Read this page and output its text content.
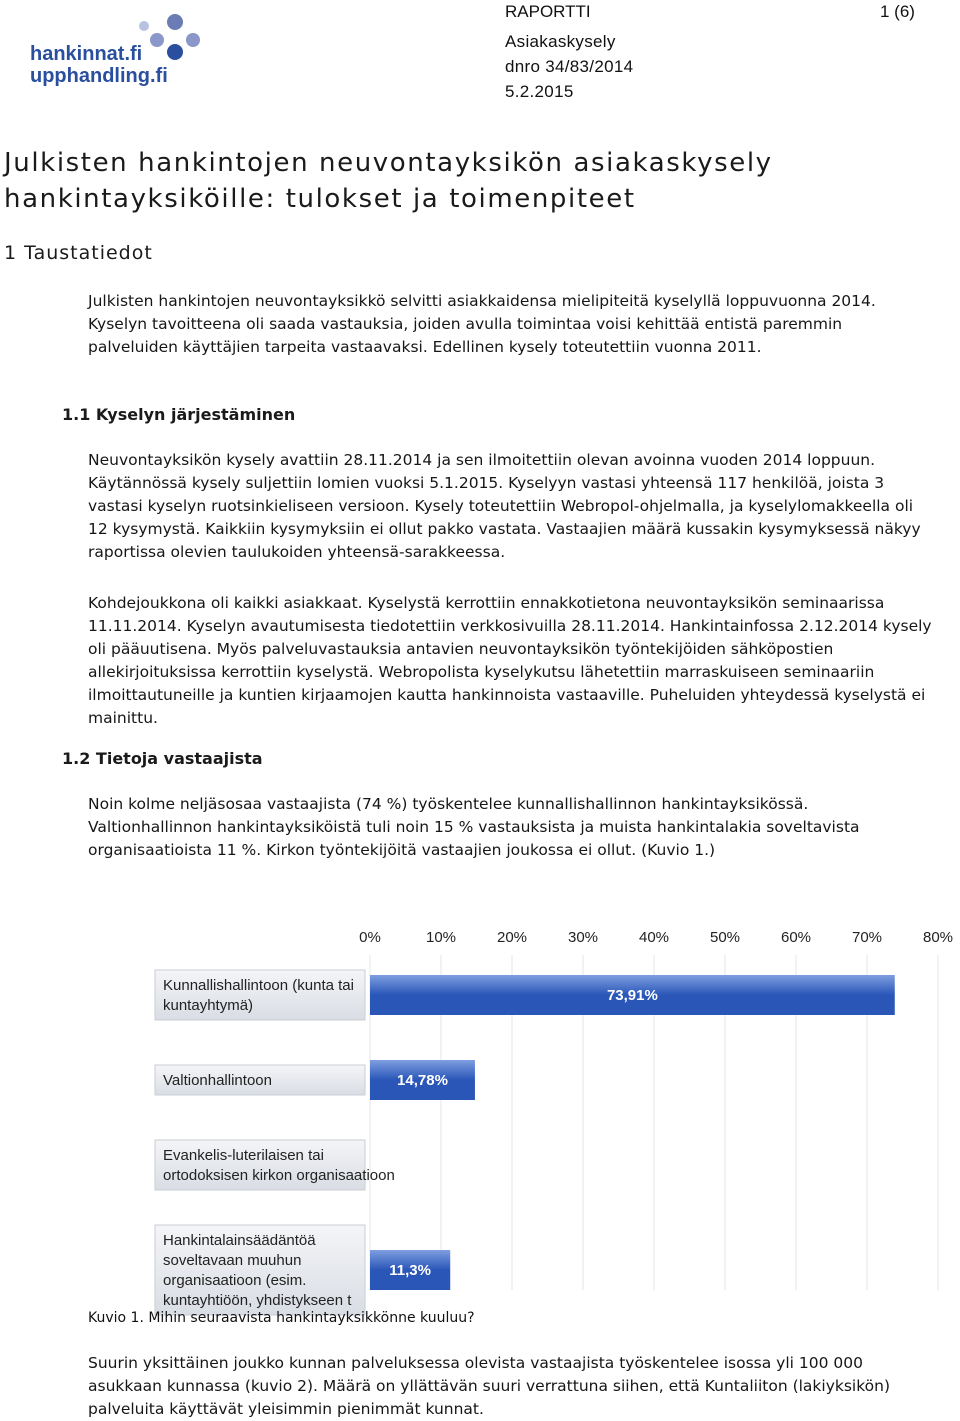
hankinnat.fi
upphandling.fi
RAPORTTI	1 (6)
Asiakaskysely
dnro 34/83/2014
5.2.2015
Julkisten hankintojen neuvontayksikön asiakaskysely
hankintayksiköille: tulokset ja toimenpiteet
1 Taustatiedot

Julkisten hankintojen neuvontayksikkö selvitti asiakkaidensa mielipiteitä kyselyllä loppuvuonna 2014. Kyselyn tavoitteena oli saada vastauksia, joiden avulla toimintaa voisi kehittää entistä paremmin palveluiden käyttäjien tarpeita vastaavaksi. Edellinen kysely toteutettiin vuonna 2011.

1.1 Kyselyn järjestäminen

Neuvontayksikön kysely avattiin 28.11.2014 ja sen ilmoitettiin olevan avoinna vuoden 2014 loppuun. Käytännössä kysely suljettiin lomien vuoksi 5.1.2015. Kyselyyn vastasi yhteensä 117 henkilöä, joista 3 vastasi kyselyn ruotsinkieliseen versioon. Kysely toteutettiin Webropol-ohjelmalla, ja kyselylomakkeella oli 12 kysymystä. Kaikkiin kysymyksiin ei ollut pakko vastata. Vastaajien määrä kussakin kysymyksessä näkyy raportissa olevien taulukoiden yhteensä-sarakkeessa.

Kohdejoukkona oli kaikki asiakkaat. Kyselystä kerrottiin ennakkotietona neuvontayksikön seminaarissa 11.11.2014. Kyselyn avautumisesta tiedotettiin verkkosivuilla 28.11.2014. Hankintainfossa 2.12.2014 kysely oli pääuutisena. Myös palveluvastauksia antavien neuvontayksikön työntekijöiden sähköpostien allekirjoituksissa kerrottiin kyselystä. Webropolista kyselykutsu lähetettiin marraskuiseen seminaariin ilmoittautuneille ja kuntien kirjaamojen kautta hankinnoista vastaaville. Puheluiden yhteydessä kyselystä ei mainittu.

1.2 Tietoja vastaajista

Noin kolme neljäsosaa vastaajista (74 %) työskentelee kunnallishallinnon hankintayksikössä. Valtionhallinnon hankintayksiköistä tuli noin 15 % vastauksista ja muista hankintalakia soveltavista organisaatioista 11 %. Kirkon työntekijöitä vastaajien joukossa ei ollut. (Kuvio 1.)

0%	10%	20%	30%	40%	50%	60%	70%	80%
73,91%
14,78%
11,3%
Kunnallishallintoon (kunta tai
kuntayhtymä)
Valtionhallintoon
Evankelis-luterilaisen tai
ortodoksisen kirkon organisaatioon
Hankintalainsäädäntöä
soveltavaan muuhun
organisaatioon (esim.
kuntayhtiöön, yhdistykseen t
Kuvio 1. Mihin seuraavista hankintayksikkönne kuuluu?

Suurin yksittäinen joukko kunnan palveluksessa olevista vastaajista työskentelee isossa yli 100 000 asukkaan kunnassa (kuvio 2). Määrä on yllättävän suuri verrattuna siihen, että Kuntaliiton (lakiyksikön) palveluita käyttävät yleisimmin pienimmät kunnat.
